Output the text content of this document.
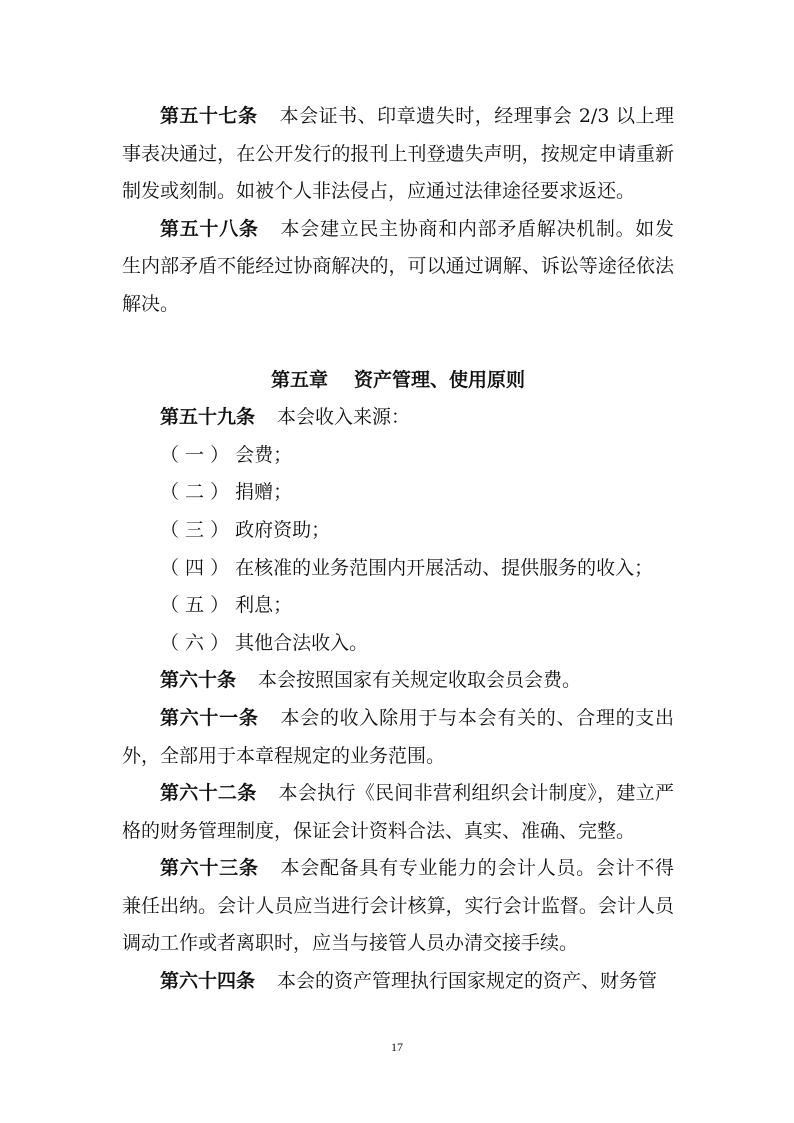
第五十七条 本会证书、印章遗失时，经理事会 2/3 以上理事表决通过，在公开发行的报刊上刊登遗失声明，按规定申请重新制发或刻制。如被个人非法侵占，应通过法律途径要求返还。

第五十八条 本会建立民主协商和内部矛盾解决机制。如发生内部矛盾不能经过协商解决的，可以通过调解、诉讼等途径依法解决。

第五章 资产管理、使用原则

第五十九条 本会收入来源：

（ 一 ） 会费；

（ 二 ） 捐赠；

（ 三 ） 政府资助；

（ 四 ） 在核准的业务范围内开展活动、提供服务的收入；

（ 五 ） 利息；

（ 六 ） 其他合法收入。

第六十条 本会按照国家有关规定收取会员会费。

第六十一条 本会的收入除用于与本会有关的、合理的支出外，全部用于本章程规定的业务范围。

第六十二条 本会执行《民间非营利组织会计制度》，建立严格的财务管理制度，保证会计资料合法、真实、准确、完整。

第六十三条 本会配备具有专业能力的会计人员。会计不得兼任出纳。会计人员应当进行会计核算，实行会计监督。会计人员调动工作或者离职时，应当与接管人员办清交接手续。

第六十四条 本会的资产管理执行国家规定的资产、财务管

17
